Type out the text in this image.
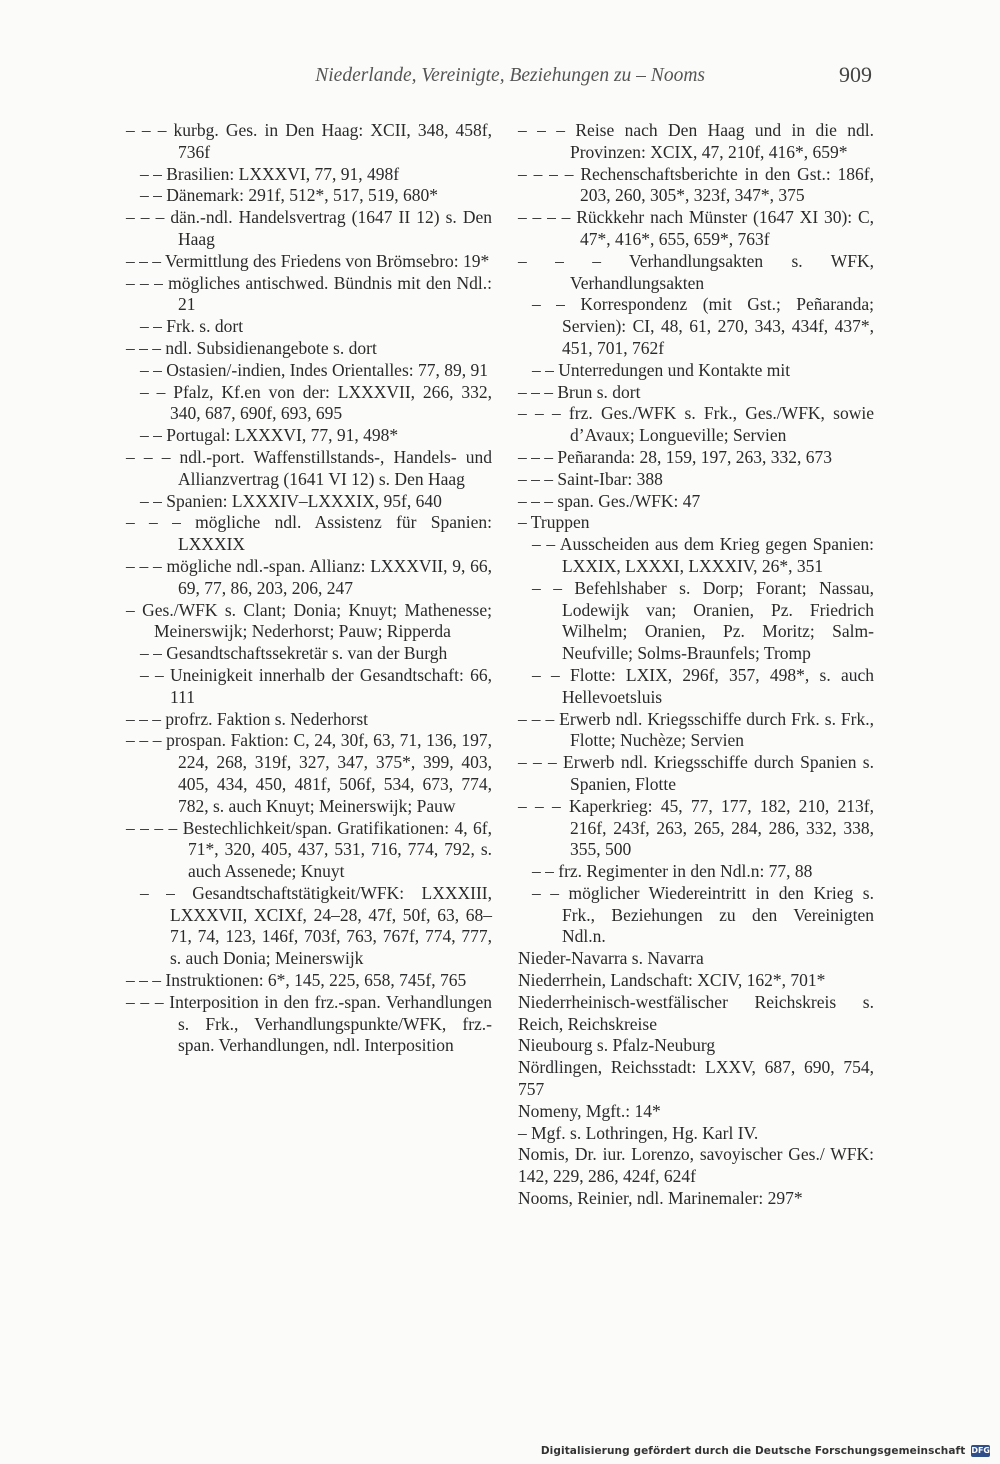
Niederlande, Vereinigte, Beziehungen zu – Nooms	909
– – – kurbg. Ges. in Den Haag: XCII, 348, 458f, 736f
– – Brasilien: LXXXVI, 77, 91, 498f
– – Dänemark: 291f, 512*, 517, 519, 680*
– – – dän.-ndl. Handelsvertrag (1647 II 12) s. Den Haag
– – – Vermittlung des Friedens von Brömsebro: 19*
– – – mögliches antischwed. Bündnis mit den Ndl.: 21
– – Frk. s. dort
– – – ndl. Subsidienangebote s. dort
– – Ostasien/-indien, Indes Orientalles: 77, 89, 91
– – Pfalz, Kf.en von der: LXXXVII, 266, 332, 340, 687, 690f, 693, 695
– – Portugal: LXXXVI, 77, 91, 498*
– – – ndl.-port. Waffenstillstands-, Handels- und Allianzvertrag (1641 VI 12) s. Den Haag
– – Spanien: LXXXIV–LXXXIX, 95f, 640
– – – mögliche ndl. Assistenz für Spanien: LXXXIX
– – – mögliche ndl.-span. Allianz: LXXXVII, 9, 66, 69, 77, 86, 203, 206, 247
– Ges./WFK s. Clant; Donia; Knuyt; Mathenesse; Meinerswijk; Nederhorst; Pauw; Ripperda
– – Gesandtschaftssekretär s. van der Burgh
– – Uneinigkeit innerhalb der Gesandtschaft: 66, 111
– – – profrz. Faktion s. Nederhorst
– – – prospan. Faktion: C, 24, 30f, 63, 71, 136, 197, 224, 268, 319f, 327, 347, 375*, 399, 403, 405, 434, 450, 481f, 506f, 534, 673, 774, 782, s. auch Knuyt; Meinerswijk; Pauw
– – – – Bestechlichkeit/span. Gratifikationen: 4, 6f, 71*, 320, 405, 437, 531, 716, 774, 792, s. auch Assenede; Knuyt
– – Gesandtschaftstätigkeit/WFK: LXXXIII, LXXXVII, XCIXf, 24–28, 47f, 50f, 63, 68–71, 74, 123, 146f, 703f, 763, 767f, 774, 777, s. auch Donia; Meinerswijk
– – – Instruktionen: 6*, 145, 225, 658, 745f, 765
– – – Interposition in den frz.-span. Verhandlungen s. Frk., Verhandlungspunkte/WFK, frz.-span. Verhandlungen, ndl. Interposition
– – – Reise nach Den Haag und in die ndl. Provinzen: XCIX, 47, 210f, 416*, 659*
– – – – Rechenschaftsberichte in den Gst.: 186f, 203, 260, 305*, 323f, 347*, 375
– – – – Rückkehr nach Münster (1647 XI 30): C, 47*, 416*, 655, 659*, 763f
– – – Verhandlungsakten s. WFK, Verhandlungsakten
– – Korrespondenz (mit Gst.; Peñaranda; Servien): CI, 48, 61, 270, 343, 434f, 437*, 451, 701, 762f
– – Unterredungen und Kontakte mit
– – – Brun s. dort
– – – frz. Ges./WFK s. Frk., Ges./WFK, sowie d’Avaux; Longueville; Servien
– – – Peñaranda: 28, 159, 197, 263, 332, 673
– – – Saint-Ibar: 388
– – – span. Ges./WFK: 47
– Truppen
– – Ausscheiden aus dem Krieg gegen Spanien: LXXIX, LXXXI, LXXXIV, 26*, 351
– – Befehlshaber s. Dorp; Forant; Nassau, Lodewijk van; Oranien, Pz. Friedrich Wilhelm; Oranien, Pz. Moritz; Salm-Neufville; Solms-Braunfels; Tromp
– – Flotte: LXIX, 296f, 357, 498*, s. auch Hellevoetsluis
– – – Erwerb ndl. Kriegsschiffe durch Frk. s. Frk., Flotte; Nuchèze; Servien
– – – Erwerb ndl. Kriegsschiffe durch Spanien s. Spanien, Flotte
– – – Kaperkrieg: 45, 77, 177, 182, 210, 213f, 216f, 243f, 263, 265, 284, 286, 332, 338, 355, 500
– – frz. Regimenter in den Ndl.n: 77, 88
– – möglicher Wiedereintritt in den Krieg s. Frk., Beziehungen zu den Vereinigten Ndl.n.
Nieder-Navarra s. Navarra
Niederrhein, Landschaft: XCIV, 162*, 701*
Niederrheinisch-westfälischer Reichskreis s. Reich, Reichskreise
Nieubourg s. Pfalz-Neuburg
Nördlingen, Reichsstadt: LXXV, 687, 690, 754, 757
Nomeny, Mgft.: 14*
– Mgf. s. Lothringen, Hg. Karl IV.
Nomis, Dr. iur. Lorenzo, savoyischer Ges./ WFK: 142, 229, 286, 424f, 624f
Nooms, Reinier, ndl. Marinemaler: 297*
Digitalisierung gefördert durch die Deutsche Forschungsgemeinschaft DFG
